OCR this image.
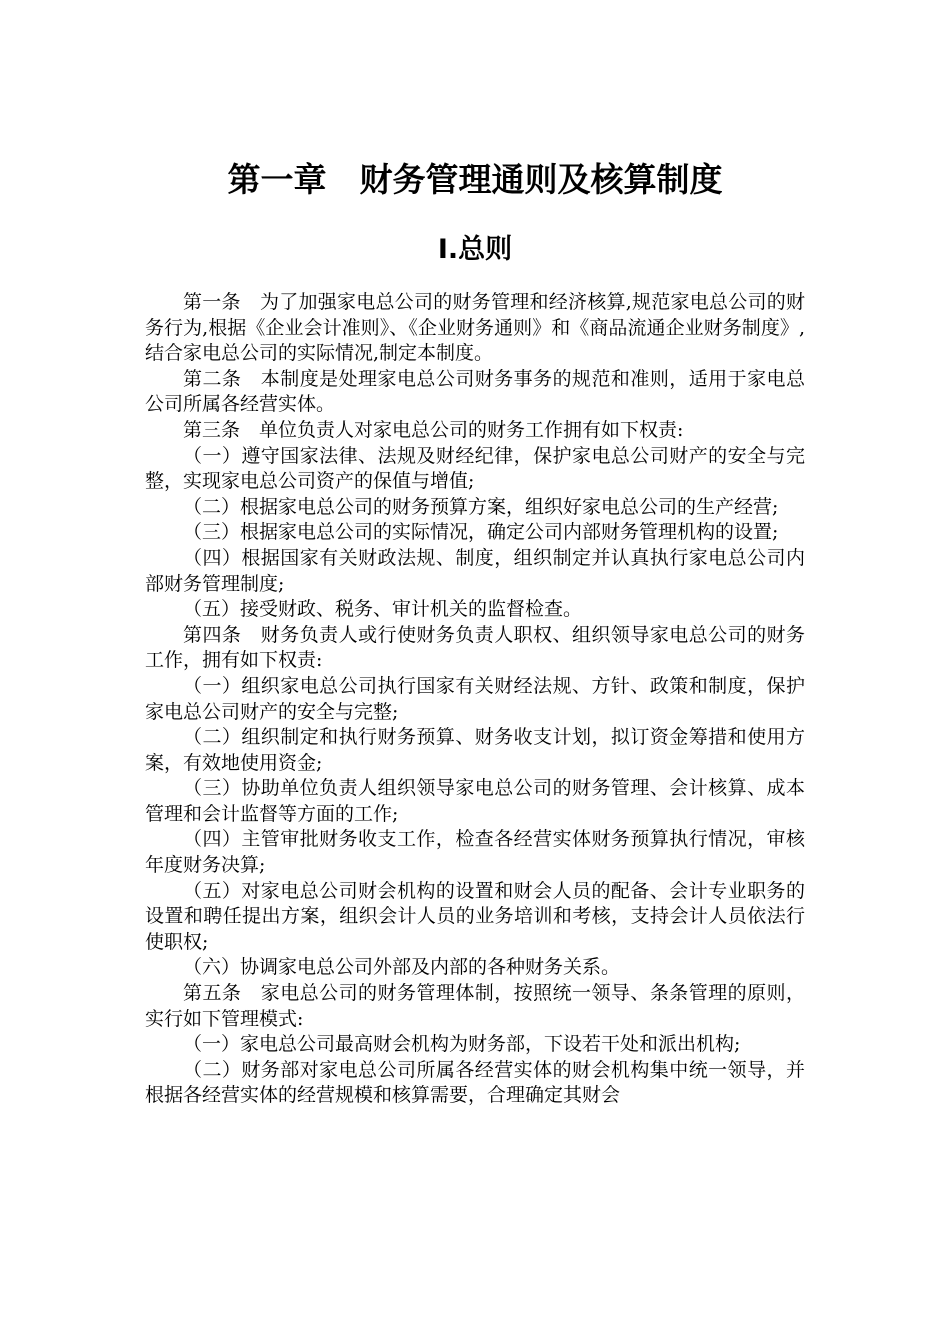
第一章　财务管理通则及核算制度
Ⅰ.总则

第一条　为了加强家电总公司的财务管理和经济核算,规范家电总公司的财务行为,根据《企业会计准则》、《企业财务通则》和《商品流通企业财务制度》,结合家电总公司的实际情况,制定本制度。

第二条　本制度是处理家电总公司财务事务的规范和准则，适用于家电总公司所属各经营实体。

第三条　单位负责人对家电总公司的财务工作拥有如下权责:

（一）遵守国家法律、法规及财经纪律，保护家电总公司财产的安全与完整，实现家电总公司资产的保值与增值;

（二）根据家电总公司的财务预算方案，组织好家电总公司的生产经营;

（三）根据家电总公司的实际情况，确定公司内部财务管理机构的设置;

（四）根据国家有关财政法规、制度，组织制定并认真执行家电总公司内部财务管理制度;

（五）接受财政、税务、审计机关的监督检查。

第四条　财务负责人或行使财务负责人职权、组织领导家电总公司的财务工作，拥有如下权责:

（一）组织家电总公司执行国家有关财经法规、方针、政策和制度，保护家电总公司财产的安全与完整;

（二）组织制定和执行财务预算、财务收支计划，拟订资金筹措和使用方案，有效地使用资金;

（三）协助单位负责人组织领导家电总公司的财务管理、会计核算、成本管理和会计监督等方面的工作;

（四）主管审批财务收支工作，检查各经营实体财务预算执行情况，审核年度财务决算;

（五）对家电总公司财会机构的设置和财会人员的配备、会计专业职务的设置和聘任提出方案，组织会计人员的业务培训和考核，支持会计人员依法行使职权;

（六）协调家电总公司外部及内部的各种财务关系。

第五条　家电总公司的财务管理体制，按照统一领导、条条管理的原则，实行如下管理模式:

（一）家电总公司最高财会机构为财务部，下设若干处和派出机构;

（二）财务部对家电总公司所属各经营实体的财会机构集中统一领导，并根据各经营实体的经营规模和核算需要，合理确定其财会
